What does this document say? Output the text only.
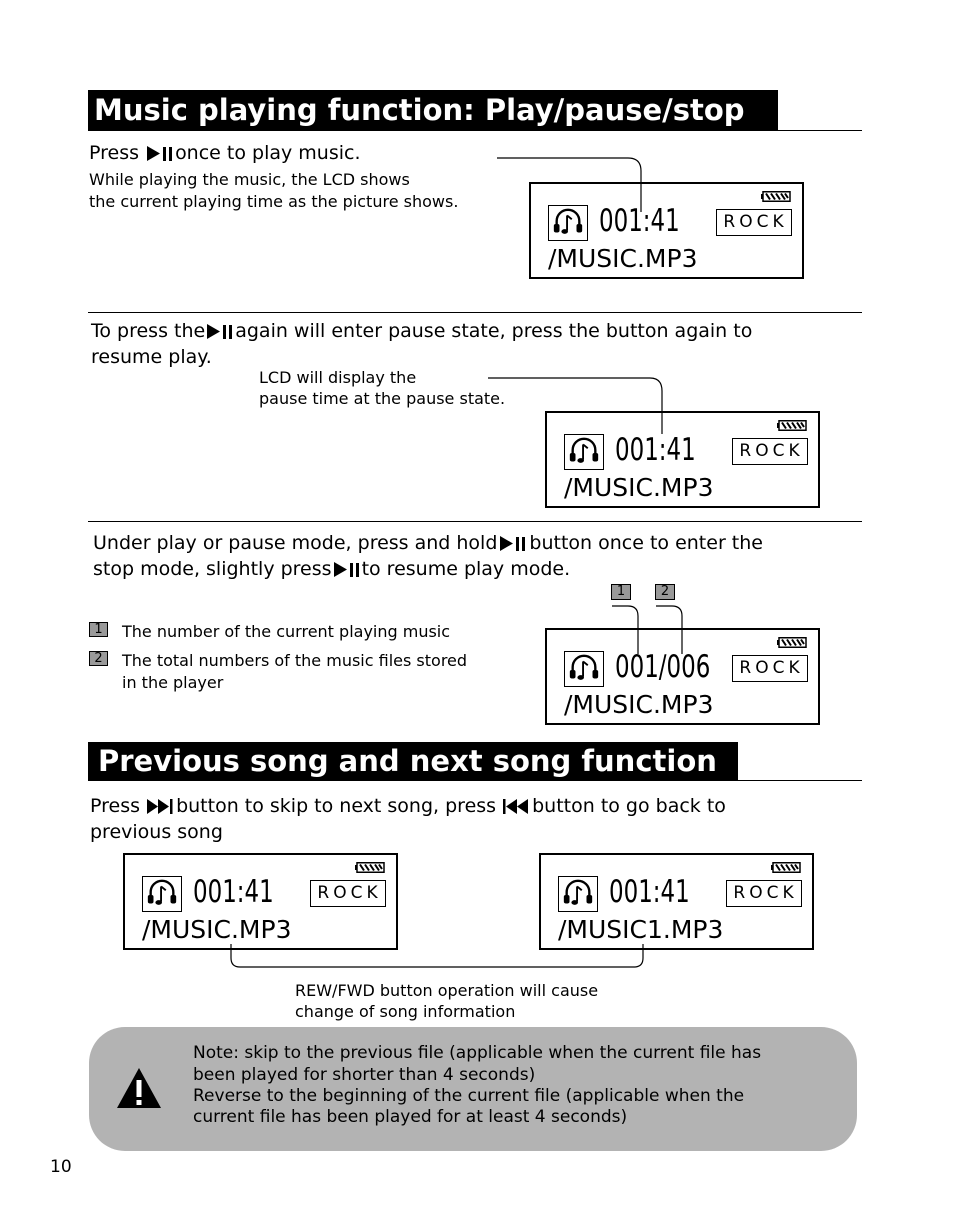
Music playing function: Play/pause/stop
Press once to play music.
While playing the music, the LCD shows
the current playing time as the picture shows.
001:41	ROCK
/MUSIC.MP3
To press the again will enter pause state, press the button again to
resume play.
LCD will display the
pause time at the pause state.
001:41	ROCK
/MUSIC.MP3
Under play or pause mode, press and hold button once to enter the
stop mode, slightly press to resume play mode.
1	2
1	The number of the current playing music
2	The total numbers of the music files stored
in the player	001/006	ROCK
/MUSIC.MP3
Previous song and next song function
Press button to skip to next song, press button to go back to
previous song
001:41	ROCK
/MUSIC.MP3
001:41	ROCK
/MUSIC1.MP3
REW/FWD button operation will cause
change of song information
Note: skip to the previous file (applicable when the current file has
been played for shorter than 4 seconds)
Reverse to the beginning of the current file (applicable when the
current file has been played for at least 4 seconds)
10
